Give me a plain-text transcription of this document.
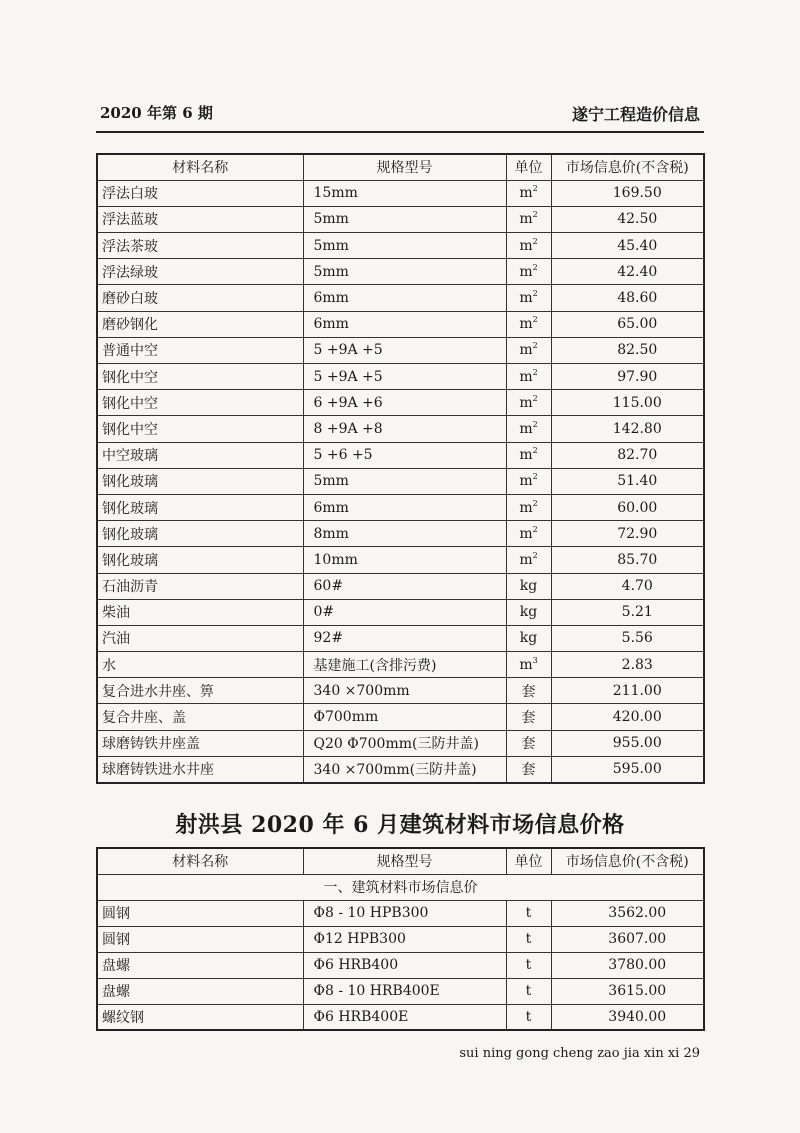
2020 年第 6 期	遂宁工程造价信息
材料名称	规格型号	单位	市场信息价(不含税)
浮法白玻	15mm	$m^2$	169.50
浮法蓝玻	5mm	$m^2$	42.50
浮法茶玻	5mm	$m^2$	45.40
浮法绿玻	5mm	$m^2$	42.40
磨砂白玻	6mm	$m^2$	48.60
磨砂钢化	6mm	$m^2$	65.00
普通中空	5 +9A +5	$m^2$	82.50
钢化中空	5 +9A +5	$m^2$	97.90
钢化中空	6 +9A +6	$m^2$	115.00
钢化中空	8 +9A +8	$m^2$	142.80
中空玻璃	5 +6 +5	$m^2$	82.70
钢化玻璃	5mm	$m^2$	51.40
钢化玻璃	6mm	$m^2$	60.00
钢化玻璃	8mm	$m^2$	72.90
钢化玻璃	10mm	$m^2$	85.70
石油沥青	60#	kg	4.70
柴油	0#	kg	5.21
汽油	92#	kg	5.56
水	基建施工(含排污费)	$m^3$	2.83
复合进水井座、箅	340 ×700mm	套	211.00
复合井座、盖	Φ700mm	套	420.00
球磨铸铁井座盖	Q20 Φ700mm(三防井盖)	套	955.00
球磨铸铁进水井座	340 ×700mm(三防井盖)	套	595.00
射洪县 2020 年 6 月建筑材料市场信息价格
材料名称	规格型号	单位	市场信息价(不含税)
一、建筑材料市场信息价			
圆钢	Φ8 - 10 HPB300	t	3562.00
圆钢	Φ12 HPB300	t	3607.00
盘螺	Φ6 HRB400	t	3780.00
盘螺	Φ8 - 10 HRB400E	t	3615.00
螺纹钢	Φ6 HRB400E	t	3940.00
sui ning gong cheng zao jia xin xi 29
